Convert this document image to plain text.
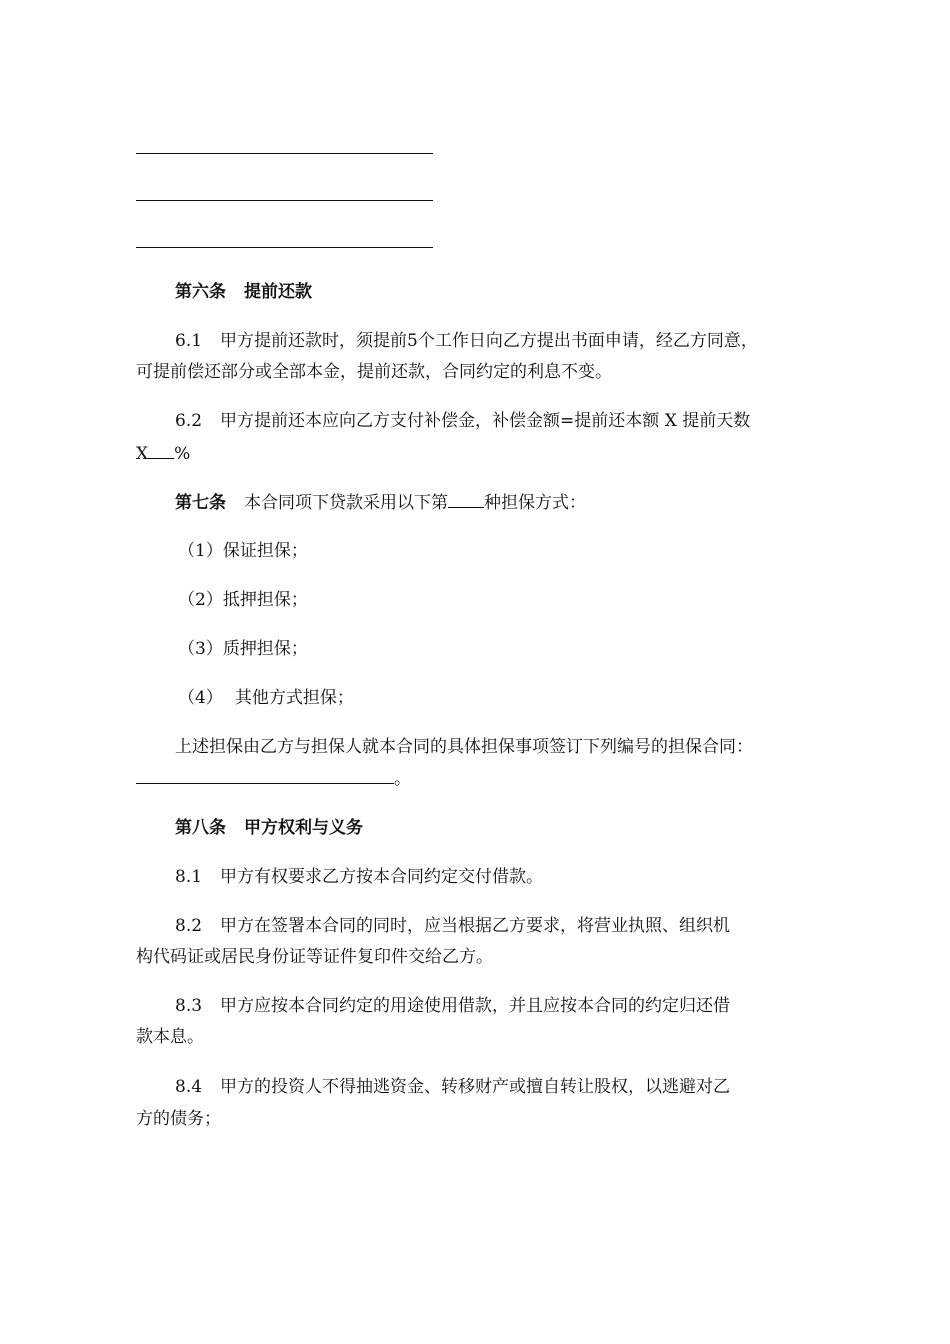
第六条 提前还款
6.1 甲方提前还款时，须提前5个工作日向乙方提出书面申请，经乙方同意，
可提前偿还部分或全部本金，提前还款，合同约定的利息不变。
6.2 甲方提前还本应向乙方支付补偿金，补偿金额=提前还本额 X 提前天数
X %
第七条 本合同项下贷款采用以下第 种担保方式：
（1）保证担保；
（2）抵押担保；
（3）质押担保；
（4） 其他方式担保；
上述担保由乙方与担保人就本合同的具体担保事项签订下列编号的担保合同：
。
第八条 甲方权利与义务
8.1 甲方有权要求乙方按本合同约定交付借款。
8.2 甲方在签署本合同的同时，应当根据乙方要求，将营业执照、组织机
构代码证或居民身份证等证件复印件交给乙方。
8.3 甲方应按本合同约定的用途使用借款，并且应按本合同的约定归还借
款本息。
8.4 甲方的投资人不得抽逃资金、转移财产或擅自转让股权，以逃避对乙
方的债务；
